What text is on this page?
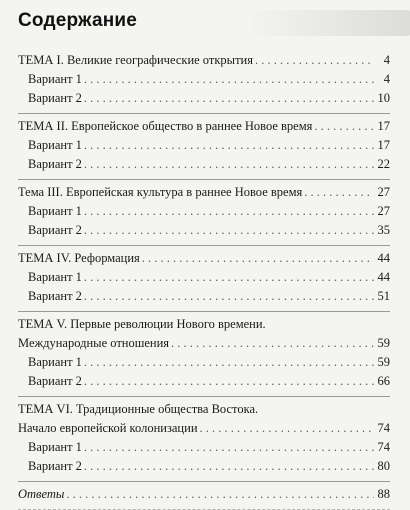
Содержание
ТЕМА I. Великие географические открытия . . .	4
Вариант 1 . . .	4
Вариант 2 . . .	10
ТЕМА II. Европейское общество в раннее Новое время . . .	17
Вариант 1 . . .	17
Вариант 2 . . .	22
Тема III. Европейская культура в раннее Новое время . . .	27
Вариант 1 . . .	27
Вариант 2 . . .	35
ТЕМА IV. Реформация . . .	44
Вариант 1 . . .	44
Вариант 2 . . .	51
ТЕМА V. Первые революции Нового времени.
Международные отношения . . .	59
Вариант 1 . . .	59
Вариант 2 . . .	66
ТЕМА VI. Традиционные общества Востока.
Начало европейской колонизации . . .	74
Вариант 1 . . .	74
Вариант 2 . . .	80
Ответы . . .	88
